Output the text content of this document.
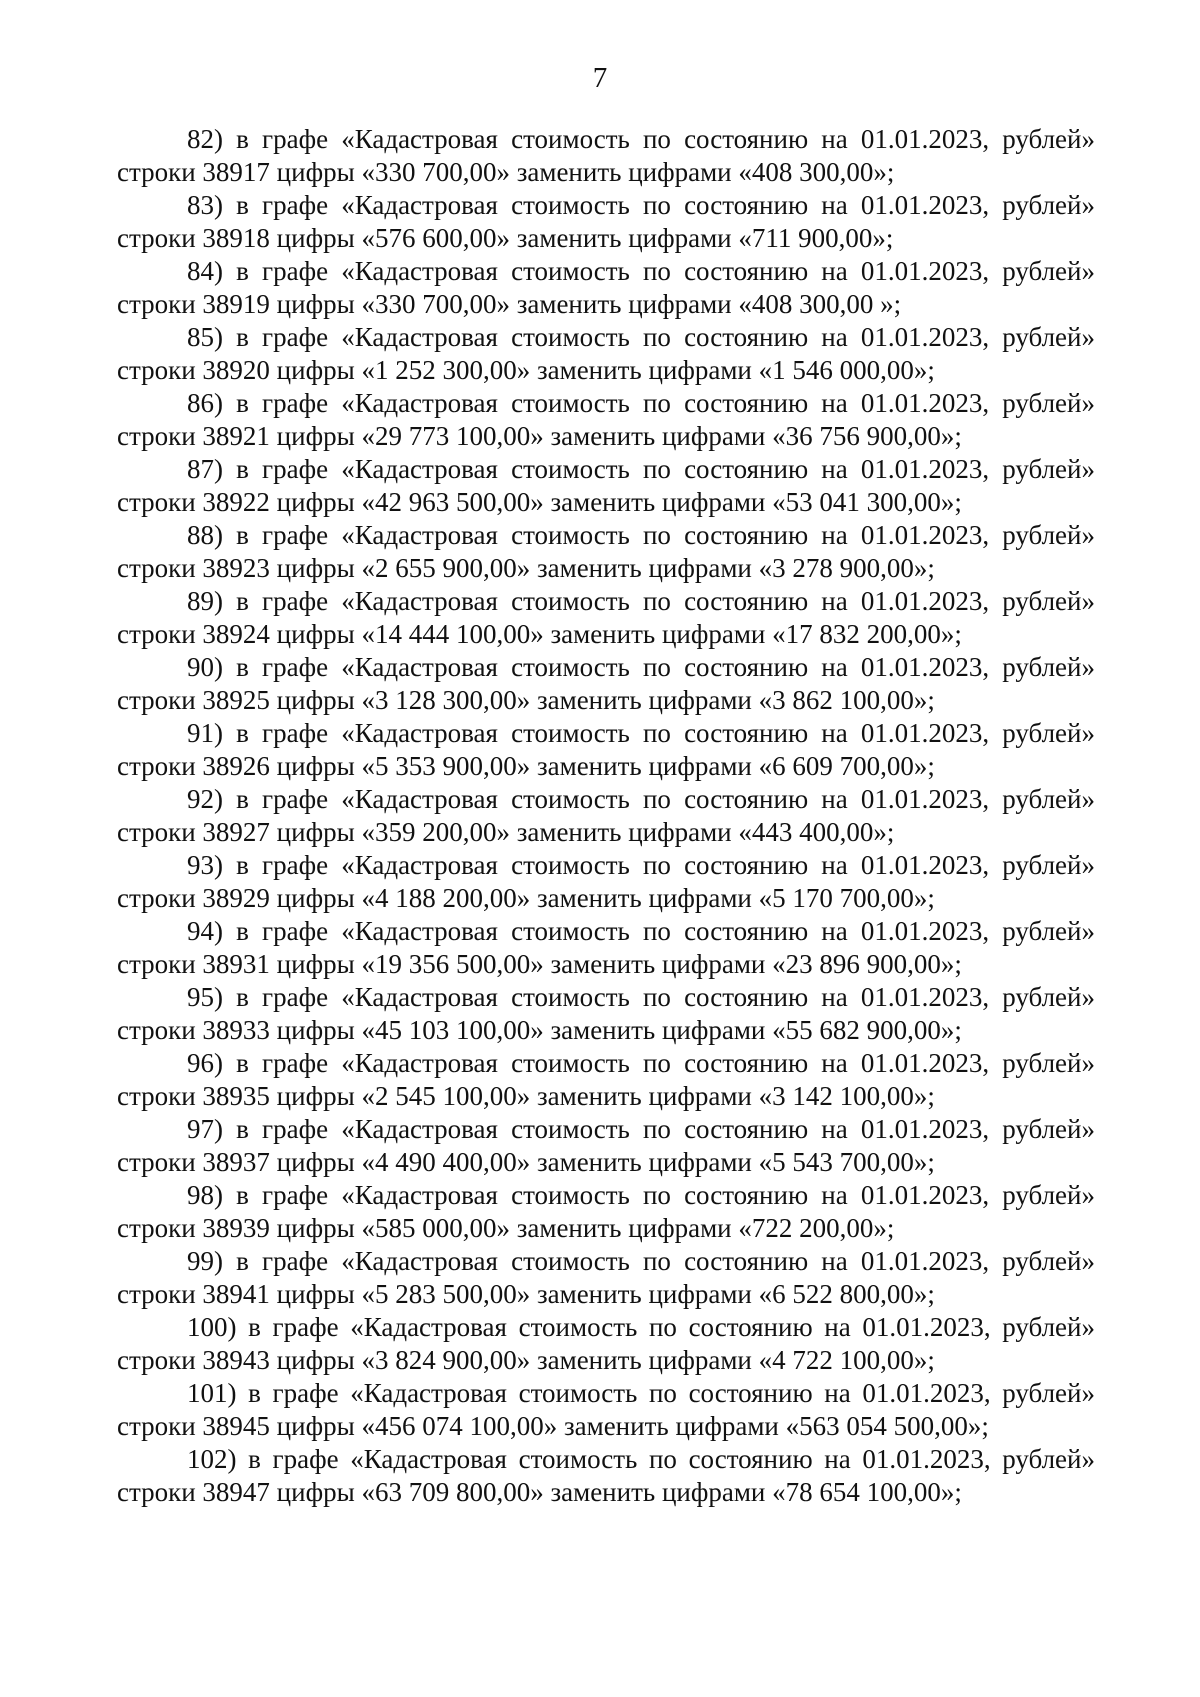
7

82) в графе «Кадастровая стоимость по состоянию на 01.01.2023, рублей» строки 38917 цифры «330 700,00» заменить цифрами «408 300,00»;

83) в графе «Кадастровая стоимость по состоянию на 01.01.2023, рублей» строки 38918 цифры «576 600,00» заменить цифрами «711 900,00»;

84) в графе «Кадастровая стоимость по состоянию на 01.01.2023, рублей» строки 38919 цифры «330 700,00» заменить цифрами «408 300,00 »;

85) в графе «Кадастровая стоимость по состоянию на 01.01.2023, рублей» строки 38920 цифры «1 252 300,00» заменить цифрами «1 546 000,00»;

86) в графе «Кадастровая стоимость по состоянию на 01.01.2023, рублей» строки 38921 цифры «29 773 100,00» заменить цифрами «36 756 900,00»;

87) в графе «Кадастровая стоимость по состоянию на 01.01.2023, рублей» строки 38922 цифры «42 963 500,00» заменить цифрами «53 041 300,00»;

88) в графе «Кадастровая стоимость по состоянию на 01.01.2023, рублей» строки 38923 цифры «2 655 900,00» заменить цифрами «3 278 900,00»;

89) в графе «Кадастровая стоимость по состоянию на 01.01.2023, рублей» строки 38924 цифры «14 444 100,00» заменить цифрами «17 832 200,00»;

90) в графе «Кадастровая стоимость по состоянию на 01.01.2023, рублей» строки 38925 цифры «3 128 300,00» заменить цифрами «3 862 100,00»;

91) в графе «Кадастровая стоимость по состоянию на 01.01.2023, рублей» строки 38926 цифры «5 353 900,00» заменить цифрами «6 609 700,00»;

92) в графе «Кадастровая стоимость по состоянию на 01.01.2023, рублей» строки 38927 цифры «359 200,00» заменить цифрами «443 400,00»;

93) в графе «Кадастровая стоимость по состоянию на 01.01.2023, рублей» строки 38929 цифры «4 188 200,00» заменить цифрами «5 170 700,00»;

94) в графе «Кадастровая стоимость по состоянию на 01.01.2023, рублей» строки 38931 цифры «19 356 500,00» заменить цифрами «23 896 900,00»;

95) в графе «Кадастровая стоимость по состоянию на 01.01.2023, рублей» строки 38933 цифры «45 103 100,00» заменить цифрами «55 682 900,00»;

96) в графе «Кадастровая стоимость по состоянию на 01.01.2023, рублей» строки 38935 цифры «2 545 100,00» заменить цифрами «3 142 100,00»;

97) в графе «Кадастровая стоимость по состоянию на 01.01.2023, рублей» строки 38937 цифры «4 490 400,00» заменить цифрами «5 543 700,00»;

98) в графе «Кадастровая стоимость по состоянию на 01.01.2023, рублей» строки 38939 цифры «585 000,00» заменить цифрами «722 200,00»;

99) в графе «Кадастровая стоимость по состоянию на 01.01.2023, рублей» строки 38941 цифры «5 283 500,00» заменить цифрами «6 522 800,00»;

100) в графе «Кадастровая стоимость по состоянию на 01.01.2023, рублей» строки 38943 цифры «3 824 900,00» заменить цифрами «4 722 100,00»;

101) в графе «Кадастровая стоимость по состоянию на 01.01.2023, рублей» строки 38945 цифры «456 074 100,00» заменить цифрами «563 054 500,00»;

102) в графе «Кадастровая стоимость по состоянию на 01.01.2023, рублей» строки 38947 цифры «63 709 800,00» заменить цифрами «78 654 100,00»;
